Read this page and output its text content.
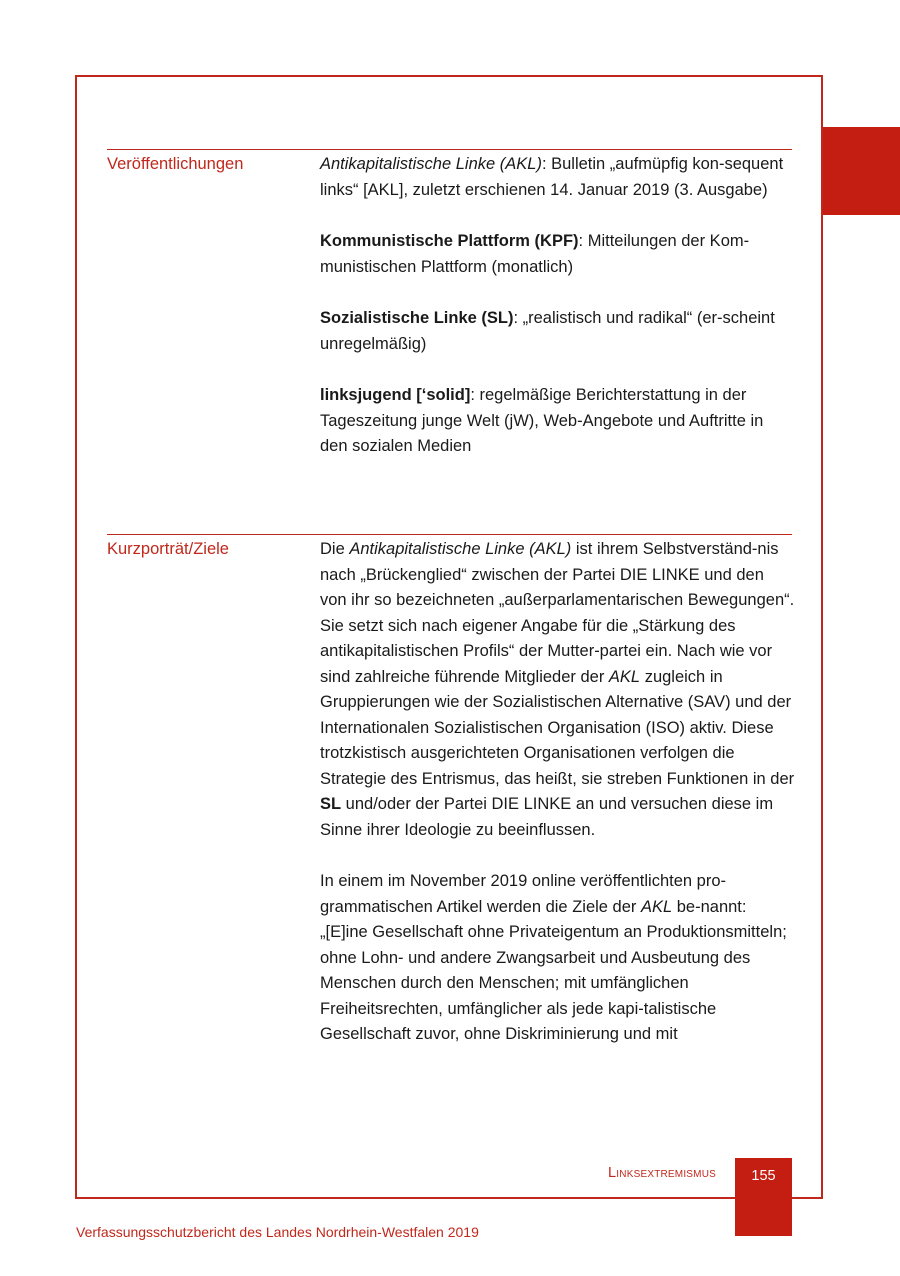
Veröffentlichungen	Antikapitalistische Linke (AKL): Bulletin „aufmüpfig kon-sequent links“ [AKL], zuletzt erschienen 14. Januar 2019 (3. Ausgabe)

Kommunistische Plattform (KPF): Mitteilungen der Kom-munistischen Plattform (monatlich)

Sozialistische Linke (SL): „realistisch und radikal“ (er-scheint unregelmäßig)

linksjugend [‘solid]: regelmäßige Berichterstattung in der Tageszeitung junge Welt (jW), Web-Angebote und Auftritte in den sozialen Medien

Kurzporträt/Ziele	Die Antikapitalistische Linke (AKL) ist ihrem Selbstverständ-nis nach „Brückenglied“ zwischen der Partei DIE LINKE und den von ihr so bezeichneten „außerparlamentarischen Bewegungen“. Sie setzt sich nach eigener Angabe für die „Stärkung des antikapitalistischen Profils“ der Mutter-partei ein. Nach wie vor sind zahlreiche führende Mitglieder der AKL zugleich in Gruppierungen wie der Sozialistischen Alternative (SAV) und der Internationalen Sozialistischen Organisation (ISO) aktiv. Diese trotzkistisch ausgerichteten Organisationen verfolgen die Strategie des Entrismus, das heißt, sie streben Funktionen in der SL und/oder der Partei DIE LINKE an und versuchen diese im Sinne ihrer Ideologie zu beeinflussen.

In einem im November 2019 online veröffentlichten pro-grammatischen Artikel werden die Ziele der AKL be-nannt: „[E]ine Gesellschaft ohne Privateigentum an Produktionsmitteln; ohne Lohn- und andere Zwangsarbeit und Ausbeutung des Menschen durch den Menschen; mit umfänglichen Freiheitsrechten, umfänglicher als jede kapi-talistische Gesellschaft zuvor, ohne Diskriminierung und mit

Linksextremismus	155
Verfassungsschutzbericht des Landes Nordrhein-Westfalen 2019
